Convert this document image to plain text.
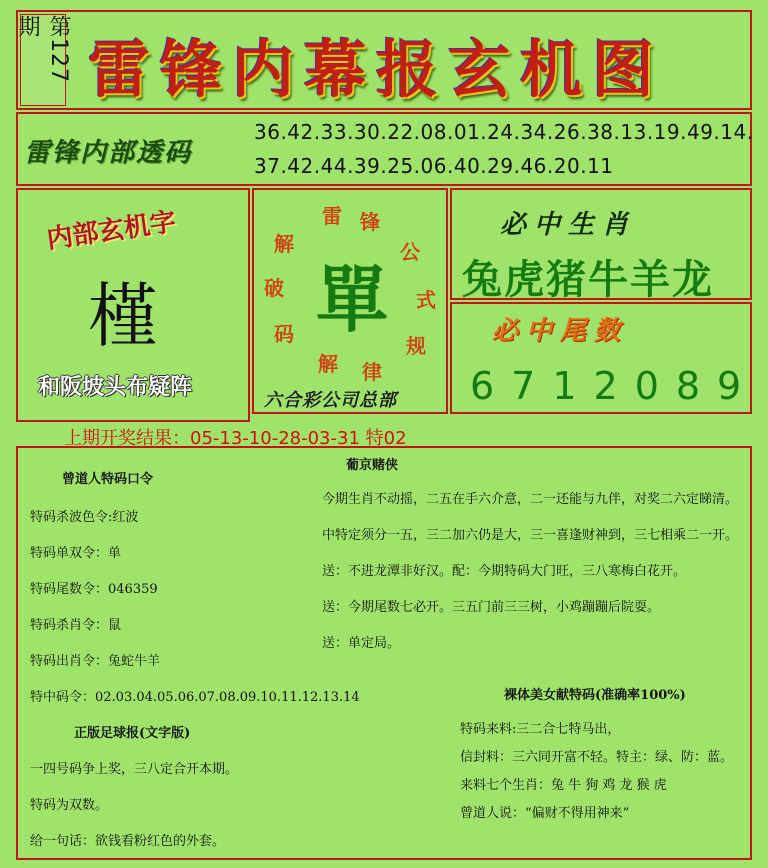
第127期
雷锋内幕报玄机图
雷锋内部透码
36.42.33.30.22.08.01.24.34.26.38.13.19.49.14.
37.42.44.39.25.06.40.29.46.20.11
内部玄机字
槿
和阪坡头布疑阵
雷 锋
公
式
规
律
解
码
破
解
單
六合彩公司总部
必中生肖
兔虎猪牛羊龙
必中尾数
6712089
上期开奖结果：05-13-10-28-03-31 特02
曾道人特码口令
特码杀波色令:红波
特码单双令：单
特码尾数令：046359
特码杀肖令：鼠
特码出肖令：兔蛇牛羊
特中码令：02.03.04.05.06.07.08.09.10.11.12.13.14
正版足球报(文字版)
一四号码争上奖，三八定合开本期。
特码为双数。
给一句话：欲钱看粉红色的外套。
葡京赌侠
今期生肖不动摇，二五在手六介意，二一还能与九伴，对奖二六定睇清。
中特定须分一五，三二加六仍是大，三一喜逢财神到，三七相乘二一开。
送：不进龙潭非好汉。配：今期特码大门旺，三八寒梅白花开。
送：今期尾数七必开。三五门前三三树，小鸡蹦蹦后院耍。
送：单定局。
裸体美女献特码(准确率100%)
特码来料:三二合七特马出，
信封料：三六同开富不轻。特主：绿、防：蓝。
来料七个生肖：兔 牛 狗 鸡 龙 猴 虎
曾道人说：“偏财不得用神来”
